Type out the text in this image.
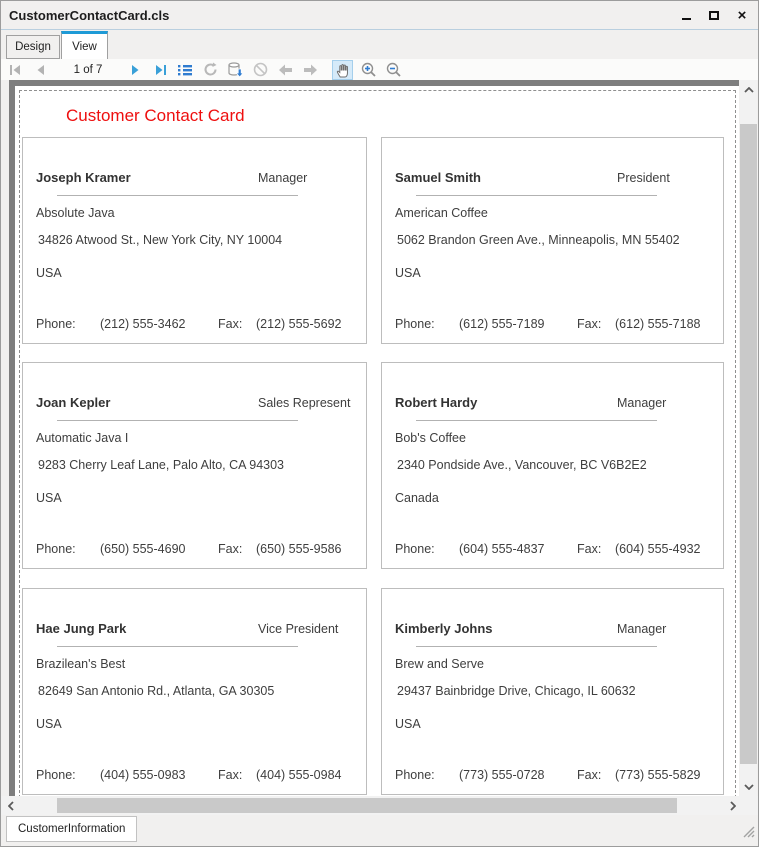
CustomerContactCard.cls	×
Design View
1 of 7
Customer Contact Card
Joseph Kramer	Manager
Absolute Java
34826 Atwood St., New York City, NY 10004
USA
Phone: (212) 555-3462	Fax: (212) 555-5692
Samuel Smith	President
American Coffee
5062 Brandon Green Ave., Minneapolis, MN 55402
USA
Phone: (612) 555-7189	Fax: (612) 555-7188
Joan Kepler	Sales Represent
Automatic Java I
9283 Cherry Leaf Lane, Palo Alto, CA 94303
USA
Phone: (650) 555-4690	Fax: (650) 555-9586
Robert Hardy	Manager
Bob's Coffee
2340 Pondside Ave., Vancouver, BC V6B2E2
Canada
Phone: (604) 555-4837	Fax: (604) 555-4932
Hae Jung Park	Vice President
Brazilean's Best
82649 San Antonio Rd., Atlanta, GA 30305
USA
Phone: (404) 555-0983	Fax: (404) 555-0984
Kimberly Johns	Manager
Brew and Serve
29437 Bainbridge Drive, Chicago, IL 60632
USA
Phone: (773) 555-0728	Fax: (773) 555-5829
CustomerInformation
